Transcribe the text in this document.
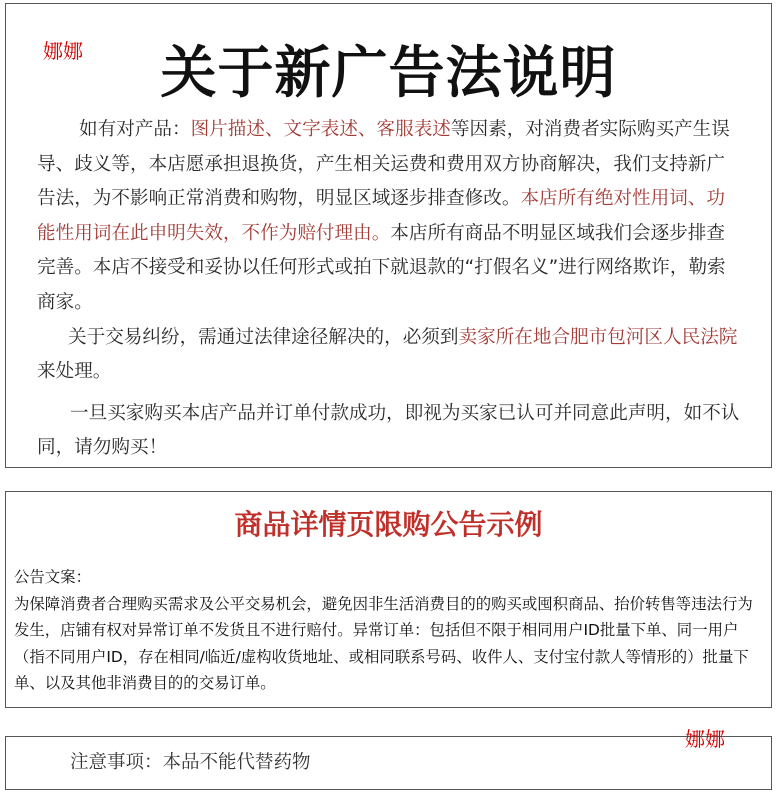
娜娜
娜娜
关于新广告法说明

如有对产品：图片描述、文字表述、客服表述等因素，对消费者实际购买产生误导、歧义等，本店愿承担退换货，产生相关运费和费用双方协商解决，我们支持新广告法，为不影响正常消费和购物，明显区域逐步排查修改。本店所有绝对性用词、功能性用词在此申明失效，不作为赔付理由。本店所有商品不明显区域我们会逐步排查完善。本店不接受和妥协以任何形式或拍下就退款的“打假名义”进行网络欺诈，勒索商家。

关于交易纠纷，需通过法律途径解决的，必须到卖家所在地合肥市包河区人民法院来处理。

一旦买家购买本店产品并订单付款成功，即视为买家已认可并同意此声明，如不认同，请勿购买！

商品详情页限购公告示例

公告文案：

为保障消费者合理购买需求及公平交易机会，避免因非生活消费目的的购买或囤积商品、抬价转售等违法行为发生，店铺有权对异常订单不发货且不进行赔付。异常订单：包括但不限于相同用户ID批量下单、同一用户（指不同用户ID，存在相同/临近/虚构收货地址、或相同联系号码、收件人、支付宝付款人等情形的）批量下单、以及其他非消费目的的交易订单。

注意事项：本品不能代替药物
